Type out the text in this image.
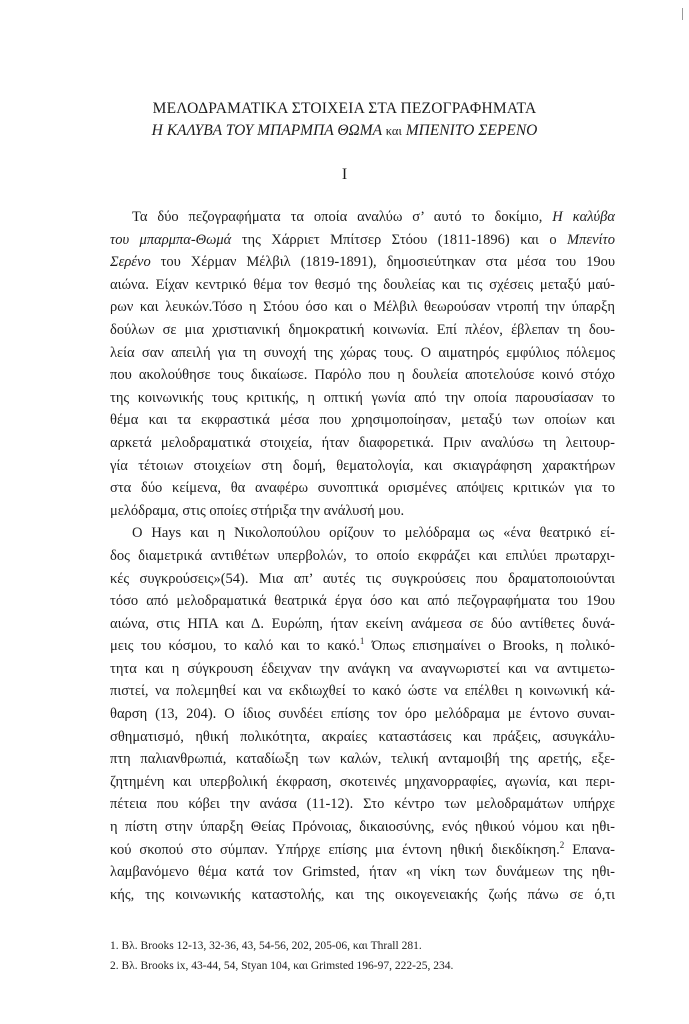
ΜΕΛΟΔΡΑΜΑΤΙΚΑ ΣΤΟΙΧΕΙΑ ΣΤΑ ΠΕΖΟΓΡΑΦΗΜΑΤΑ
Η ΚΑΛΥΒΑ ΤΟΥ ΜΠΑΡΜΠΑ ΘΩΜΑ και ΜΠΕΝΙΤΟ ΣΕΡΕΝΟ
I
Τα δύο πεζογραφήματα τα οποία αναλύω σ’ αυτό το δοκίμιο, Η καλύβα
του μπαρμπα-Θωμά της Χάρριετ Μπίτσερ Στόου (1811-1896) και ο Μπενίτο
Σερένο του Χέρμαν Μέλβιλ (1819-1891), δημοσιεύτηκαν στα μέσα του 19ου
αιώνα. Είχαν κεντρικό θέμα τον θεσμό της δουλείας και τις σχέσεις μεταξύ μαύ-
ρων και λευκών.Τόσο η Στόου όσο και ο Μέλβιλ θεωρούσαν ντροπή την ύπαρξη
δούλων σε μια χριστιανική δημοκρατική κοινωνία. Επί πλέον, έβλεπαν τη δου-
λεία σαν απειλή για τη συνοχή της χώρας τους. Ο αιματηρός εμφύλιος πόλεμος
που ακολούθησε τους δικαίωσε. Παρόλο που η δουλεία αποτελούσε κοινό στόχο
της κοινωνικής τους κριτικής, η οπτική γωνία από την οποία παρουσίασαν το
θέμα και τα εκφραστικά μέσα που χρησιμοποίησαν, μεταξύ των οποίων και
αρκετά μελοδραματικά στοιχεία, ήταν διαφορετικά. Πριν αναλύσω τη λειτουρ-
γία τέτοιων στοιχείων στη δομή, θεματολογία, και σκιαγράφηση χαρακτήρων
στα δύο κείμενα, θα αναφέρω συνοπτικά ορισμένες απόψεις κριτικών για το
μελόδραμα, στις οποίες στήριξα την ανάλυσή μου.
Ο Hays και η Νικολοπούλου ορίζουν το μελόδραμα ως «ένα θεατρικό εί-
δος διαμετρικά αντιθέτων υπερβολών, το οποίο εκφράζει και επιλύει πρωταρχι-
κές συγκρούσεις»(54). Μια απ’ αυτές τις συγκρούσεις που δραματοποιούνται
τόσο από μελοδραματικά θεατρικά έργα όσο και από πεζογραφήματα του 19ου
αιώνα, στις ΗΠΑ και Δ. Ευρώπη, ήταν εκείνη ανάμεσα σε δύο αντίθετες δυνά-
μεις του κόσμου, το καλό και το κακό.$^1$ Όπως επισημαίνει ο Brooks, η πολικό-
τητα και η σύγκρουση έδειχναν την ανάγκη να αναγνωριστεί και να αντιμετω-
πιστεί, να πολεμηθεί και να εκδιωχθεί το κακό ώστε να επέλθει η κοινωνική κά-
θαρση (13, 204). Ο ίδιος συνδέει επίσης τον όρο μελόδραμα με έντονο συναι-
σθηματισμό, ηθική πολικότητα, ακραίες καταστάσεις και πράξεις, ασυγκάλυ-
πτη παλιανθρωπιά, καταδίωξη των καλών, τελική ανταμοιβή της αρετής, εξε-
ζητημένη και υπερβολική έκφραση, σκοτεινές μηχανορραφίες, αγωνία, και περι-
πέτεια που κόβει την ανάσα (11-12). Στο κέντρο των μελοδραμάτων υπήρχε
η πίστη στην ύπαρξη Θείας Πρόνοιας, δικαιοσύνης, ενός ηθικού νόμου και ηθι-
κού σκοπού στο σύμπαν. Υπήρχε επίσης μια έντονη ηθική διεκδίκηση.$^2$ Επανα-
λαμβανόμενο θέμα κατά τον Grimsted, ήταν «η νίκη των δυνάμεων της ηθι-
κής, της κοινωνικής καταστολής, και της οικογενειακής ζωής πάνω σε ό,τι
1. Βλ. Brooks 12-13, 32-36, 43, 54-56, 202, 205-06, και Thrall 281.
2. Βλ. Brooks ix, 43-44, 54, Styan 104, και Grimsted 196-97, 222-25, 234.
